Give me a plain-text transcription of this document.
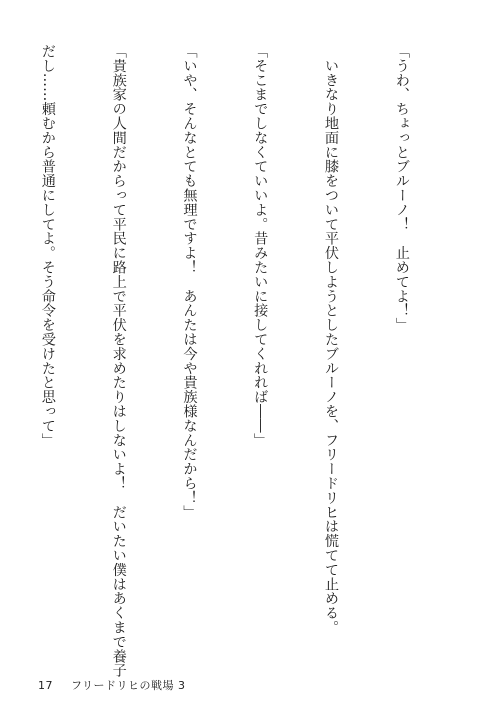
「うわ、ちょっとブルーノ！　止めてよ！」

　いきなり地面に膝をついて平伏しようとしたブルーノを、フリードリヒは慌てて止める。

「そこまでしなくていいよ。昔みたいに接してくれれば――」

「いや、そんなとても無理ですよ！　あんたは今や貴族様なんだから！」

「貴族家の人間だからって平民に路上で平伏を求めたりはしないよ！　だいたい僕はあくまで養子

だし……頼むから普通にしてよ。そう命令を受けたと思って」

17 フリードリヒの戦場 3
